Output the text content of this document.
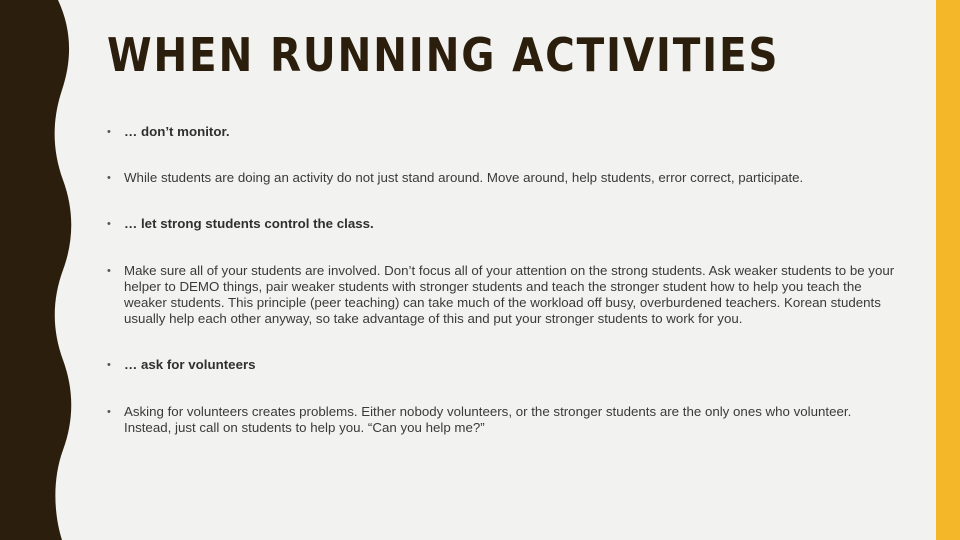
WHEN RUNNING ACTIVITIES
• … don’t monitor.
• While students are doing an activity do not just stand around. Move around, help students, error correct, participate.
• … let strong students control the class.
• Make sure all of your students are involved. Don’t focus all of your attention on the strong students. Ask weaker students to be your helper to DEMO things, pair weaker students with stronger students and teach the stronger student how to help you teach the weaker students. This principle (peer teaching) can take much of the workload off busy, overburdened teachers. Korean students usually help each other anyway, so take advantage of this and put your stronger students to work for you.
• … ask for volunteers
• Asking for volunteers creates problems. Either nobody volunteers, or the stronger students are the only ones who volunteer. Instead, just call on students to help you. “Can you help me?”
